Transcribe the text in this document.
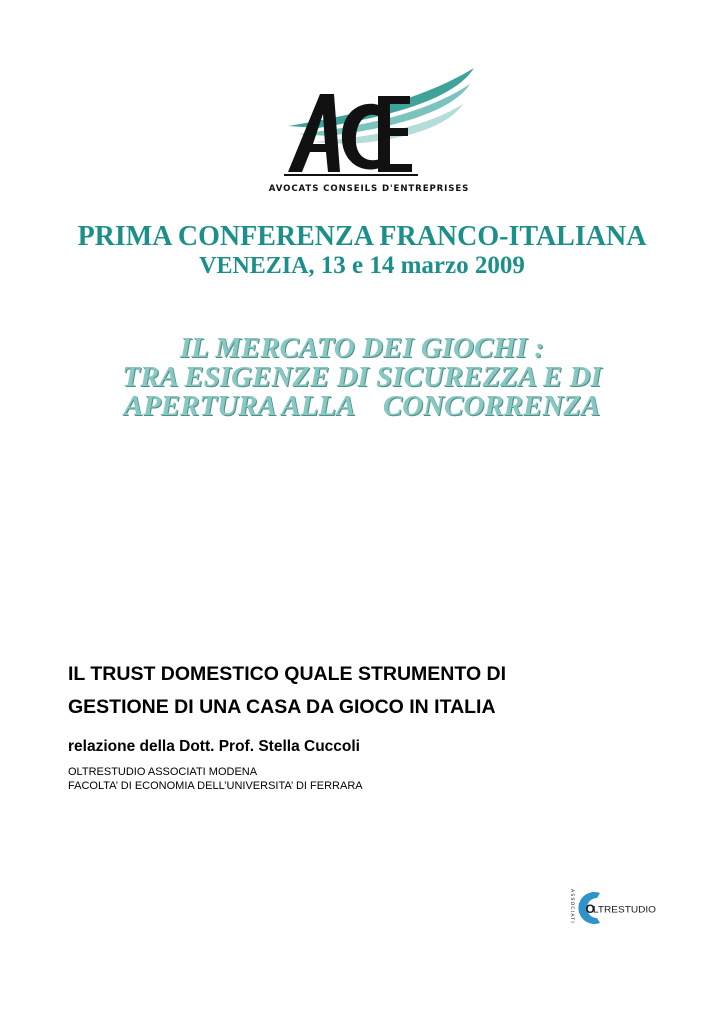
AVOCATS CONSEILS D'ENTREPRISES
PRIMA CONFERENZA FRANCO-ITALIANA
VENEZIA, 13 e 14 marzo 2009
IL MERCATO DEI GIOCHI :
TRA ESIGENZE DI SICUREZZA E DI
APERTURA ALLA    CONCORRENZA
IL TRUST DOMESTICO QUALE STRUMENTO DI
GESTIONE DI UNA CASA DA GIOCO IN ITALIA
relazione della Dott. Prof. Stella Cuccoli
OLTRESTUDIO ASSOCIATI MODENA
FACOLTA’ DI ECONOMIA DELL’UNIVERSITA’ DI FERRARA
ASSOCIATI O
LTRESTUDIO
